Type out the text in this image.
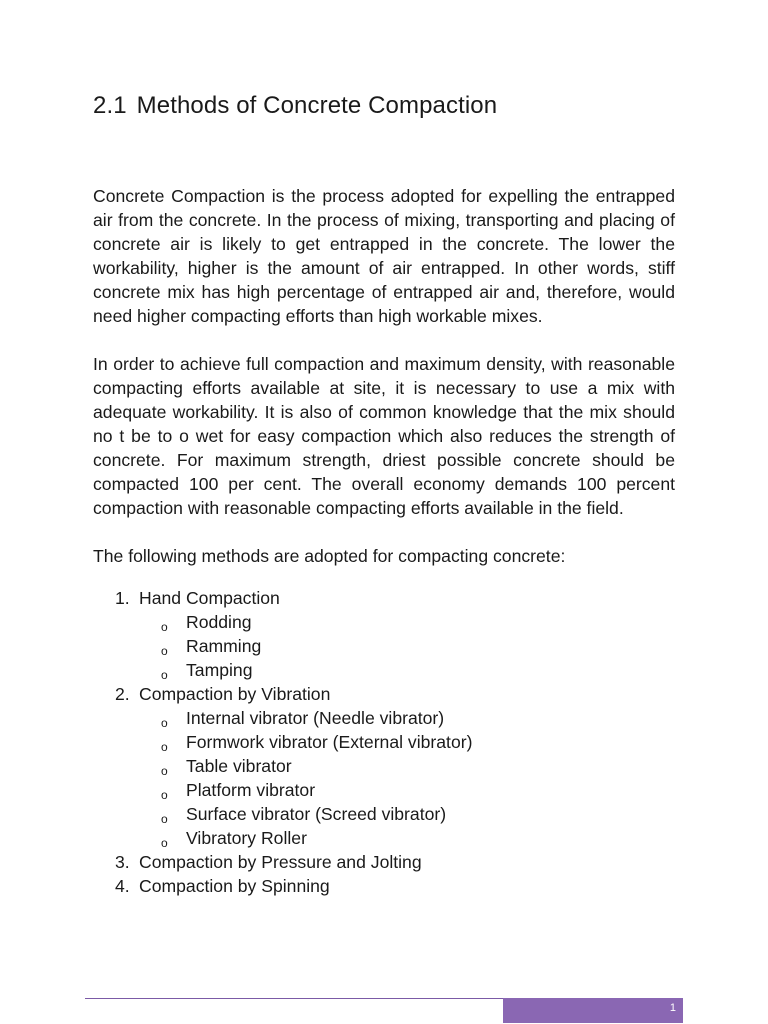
2.1 Methods of Concrete Compaction

Concrete Compaction is the process adopted for expelling the entrapped air from the concrete. In the process of mixing, transporting and placing of concrete air is likely to get entrapped in the concrete. The lower the workability, higher is the amount of air entrapped. In other words, stiff concrete mix has high percentage of entrapped air and, therefore, would need higher compacting efforts than high workable mixes.

In order to achieve full compaction and maximum density, with reasonable compacting efforts available at site, it is necessary to use a mix with adequate workability. It is also of common knowledge that the mix should no t be to o wet for easy compaction which also reduces the strength of concrete. For maximum strength, driest possible concrete should be compacted 100 per cent. The overall economy demands 100 percent compaction with reasonable compacting efforts available in the field.

The following methods are adopted for compacting concrete:

1. Hand Compaction
o Rodding
o Ramming
o Tamping
2. Compaction by Vibration
o Internal vibrator (Needle vibrator)
o Formwork vibrator (External vibrator)
o Table vibrator
o Platform vibrator
o Surface vibrator (Screed vibrator)
o Vibratory Roller
3. Compaction by Pressure and Jolting
4. Compaction by Spinning
1
